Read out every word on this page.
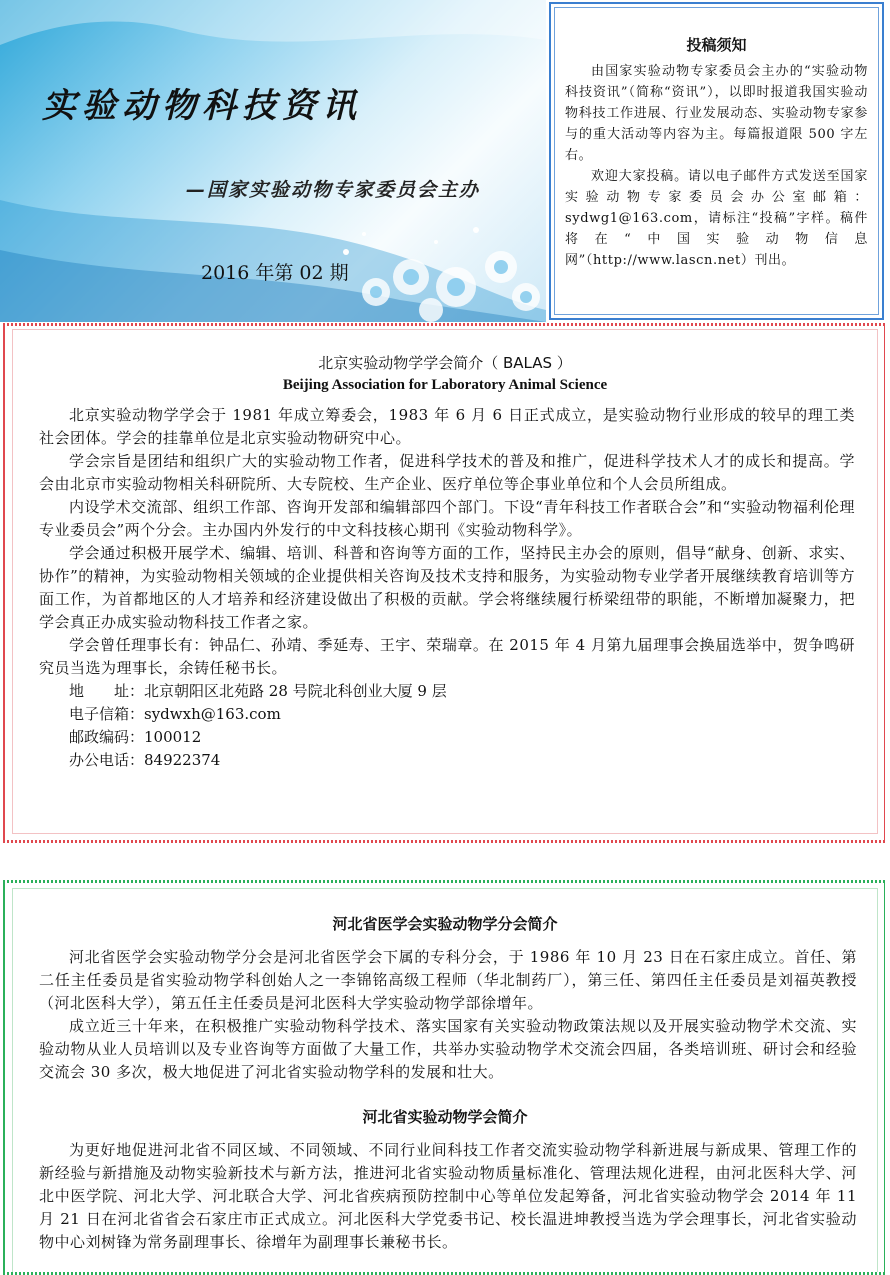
实验动物科技资讯
—国家实验动物专家委员会主办
2016 年第 02 期
投稿须知

由国家实验动物专家委员会主办的“实验动物科技资讯”（简称“资讯”），以即时报道我国实验动物科技工作进展、行业发展动态、实验动物专家参与的重大活动等内容为主。每篇报道限 500 字左右。

欢迎大家投稿。请以电子邮件方式发送至国家实验动物专家委员会办公室邮箱：sydwg1@163.com，请标注“投稿”字样。稿件将在“中国实验动物信息网”（http://www.lascn.net）刊出。

北京实验动物学学会简介（ BALAS ）

Beijing Association for Laboratory Animal Science

北京实验动物学学会于 1981 年成立筹委会，1983 年 6 月 6 日正式成立，是实验动物行业形成的较早的理工类社会团体。学会的挂靠单位是北京实验动物研究中心。

学会宗旨是团结和组织广大的实验动物工作者，促进科学技术的普及和推广，促进科学技术人才的成长和提高。学会由北京市实验动物相关科研院所、大专院校、生产企业、医疗单位等企事业单位和个人会员所组成。

内设学术交流部、组织工作部、咨询开发部和编辑部四个部门。下设“青年科技工作者联合会”和“实验动物福利伦理专业委员会”两个分会。主办国内外发行的中文科技核心期刊《实验动物科学》。

学会通过积极开展学术、编辑、培训、科普和咨询等方面的工作，坚持民主办会的原则，倡导“献身、创新、求实、协作”的精神，为实验动物相关领域的企业提供相关咨询及技术支持和服务，为实验动物专业学者开展继续教育培训等方面工作，为首都地区的人才培养和经济建设做出了积极的贡献。学会将继续履行桥梁纽带的职能，不断增加凝聚力，把学会真正办成实验动物科技工作者之家。

学会曾任理事长有：钟品仁、孙靖、季延寿、王宇、荣瑞章。在 2015 年 4 月第九届理事会换届选举中，贺争鸣研究员当选为理事长，余铸任秘书长。

地　　址：北京朝阳区北苑路 28 号院北科创业大厦 9 层

电子信箱：sydwxh@163.com

邮政编码：100012

办公电话：84922374

河北省医学会实验动物学分会简介

河北省医学会实验动物学分会是河北省医学会下属的专科分会，于 1986 年 10 月 23 日在石家庄成立。首任、第二任主任委员是省实验动物学科创始人之一李锦铭高级工程师（华北制药厂），第三任、第四任主任委员是刘福英教授（河北医科大学），第五任主任委员是河北医科大学实验动物学部徐增年。

成立近三十年来，在积极推广实验动物科学技术、落实国家有关实验动物政策法规以及开展实验动物学术交流、实验动物从业人员培训以及专业咨询等方面做了大量工作，共举办实验动物学术交流会四届，各类培训班、研讨会和经验交流会 30 多次，极大地促进了河北省实验动物学科的发展和壮大。

河北省实验动物学会简介

为更好地促进河北省不同区域、不同领域、不同行业间科技工作者交流实验动物学科新进展与新成果、管理工作的新经验与新措施及动物实验新技术与新方法，推进河北省实验动物质量标准化、管理法规化进程，由河北医科大学、河北中医学院、河北大学、河北联合大学、河北省疾病预防控制中心等单位发起筹备，河北省实验动物学会 2014 年 11 月 21 日在河北省省会石家庄市正式成立。河北医科大学党委书记、校长温进坤教授当选为学会理事长，河北省实验动物中心刘树锋为常务副理事长、徐增年为副理事长兼秘书长。
